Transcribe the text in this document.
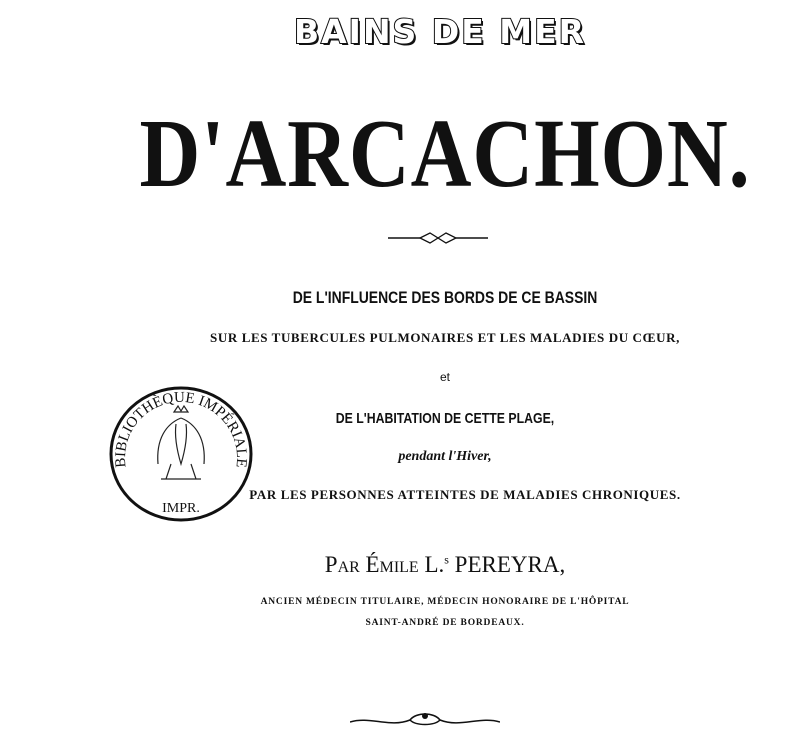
BAINS DE MER
D'ARCACHON.
DE L'INFLUENCE DES BORDS DE CE BASSIN
SUR LES TUBERCULES PULMONAIRES ET LES MALADIES DU CŒUR,
et
DE L'HABITATION DE CETTE PLAGE,
pendant l'Hiver,
PAR LES PERSONNES ATTEINTES DE MALADIES CHRONIQUES.
Par Émile L.$^s$ PEREYRA,
ANCIEN MÉDECIN TITULAIRE, MÉDECIN HONORAIRE DE L'HÔPITAL
SAINT-ANDRÉ DE BORDEAUX.
BIBLIOTHÈQUE IMPÉRIALE
IMPR.
